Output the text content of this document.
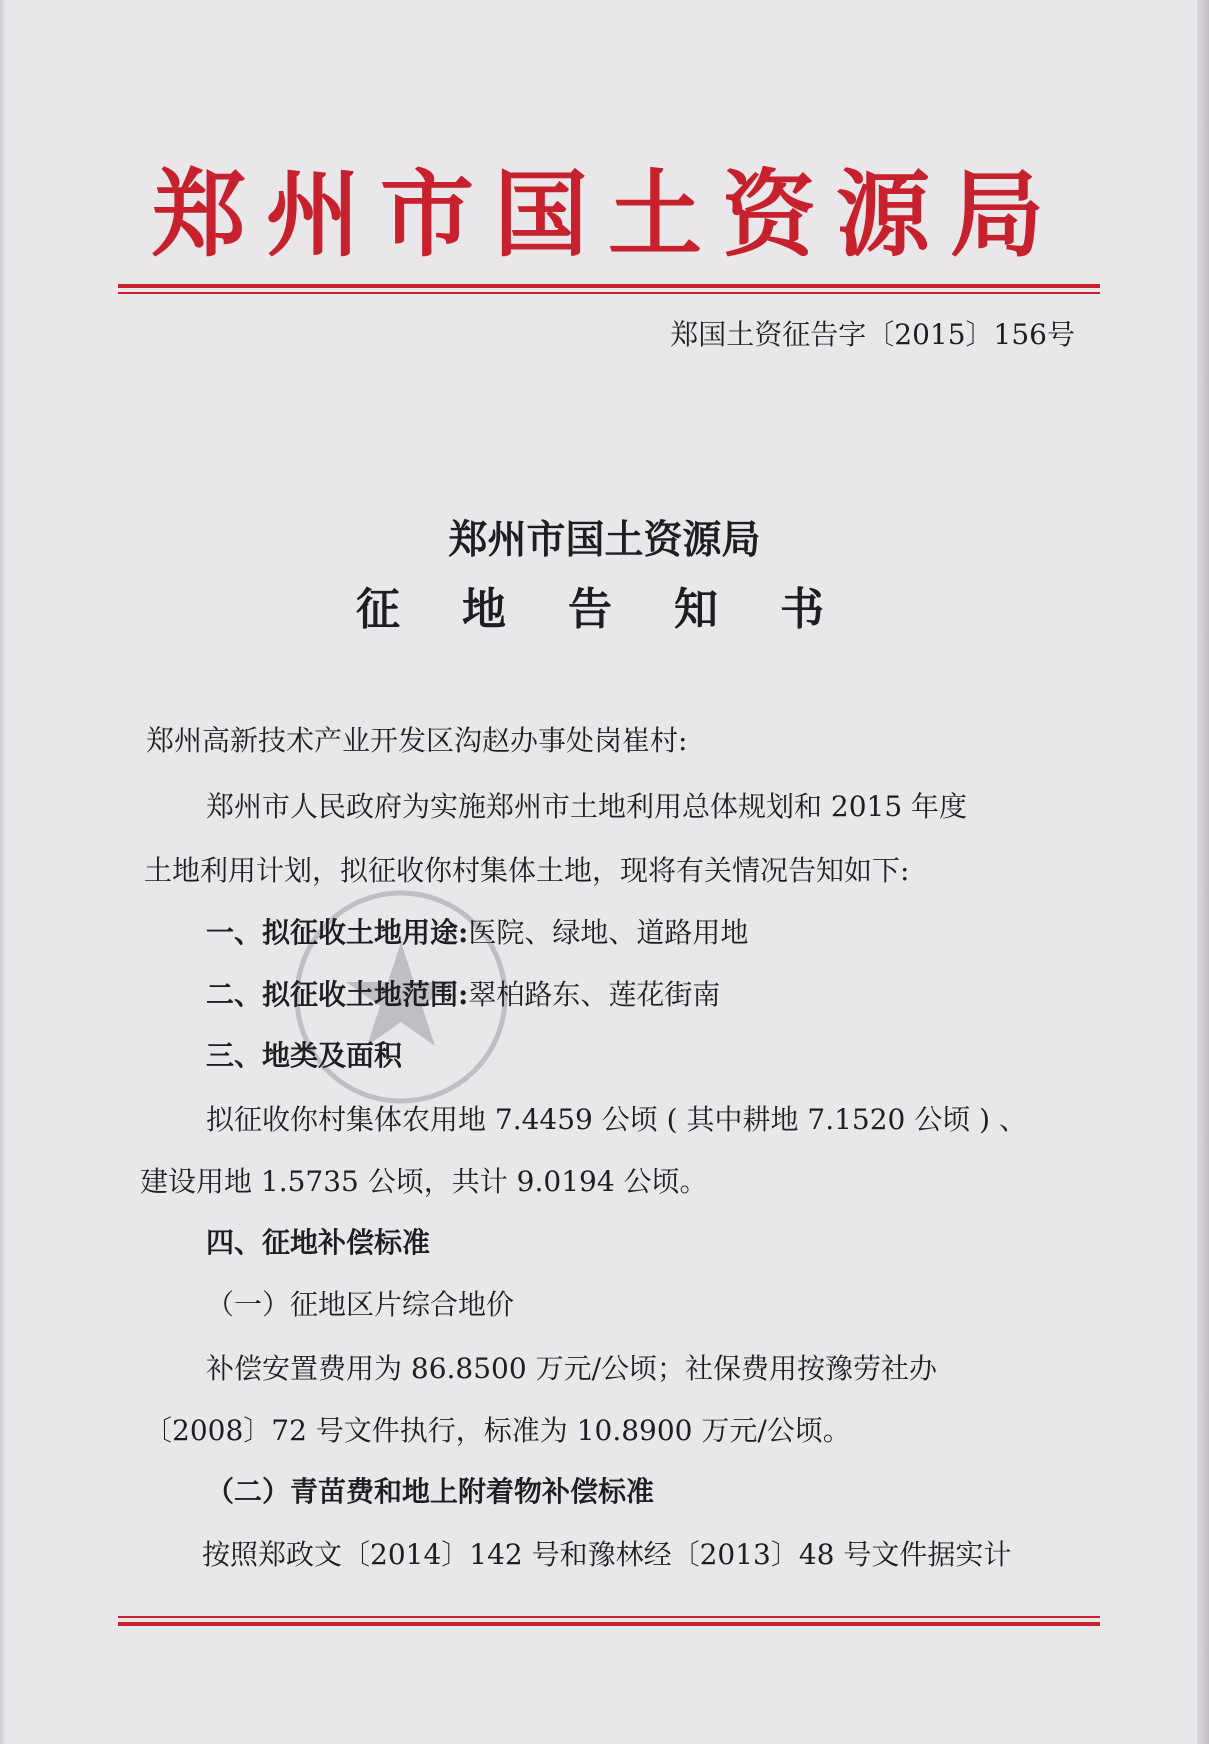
郑州市国土资源局
郑国土资征告字〔2015〕156号
郑州市国土资源局
征地告知书
郑州高新技术产业开发区沟赵办事处岗崔村:
郑州市人民政府为实施郑州市土地利用总体规划和 2015 年度
土地利用计划，拟征收你村集体土地，现将有关情况告知如下:
一、拟征收土地用途:医院、绿地、道路用地
二、拟征收土地范围:翠柏路东、莲花街南
三、地类及面积
拟征收你村集体农用地 7.4459 公顷 ( 其中耕地 7.1520 公顷 ) 、
建设用地 1.5735 公顷，共计 9.0194 公顷。
四、征地补偿标准
（一）征地区片综合地价
补偿安置费用为 86.8500 万元/公顷；社保费用按豫劳社办
〔2008〕72 号文件执行，标准为 10.8900 万元/公顷。
（二）青苗费和地上附着物补偿标准
按照郑政文〔2014〕142 号和豫林经〔2013〕48 号文件据实计
